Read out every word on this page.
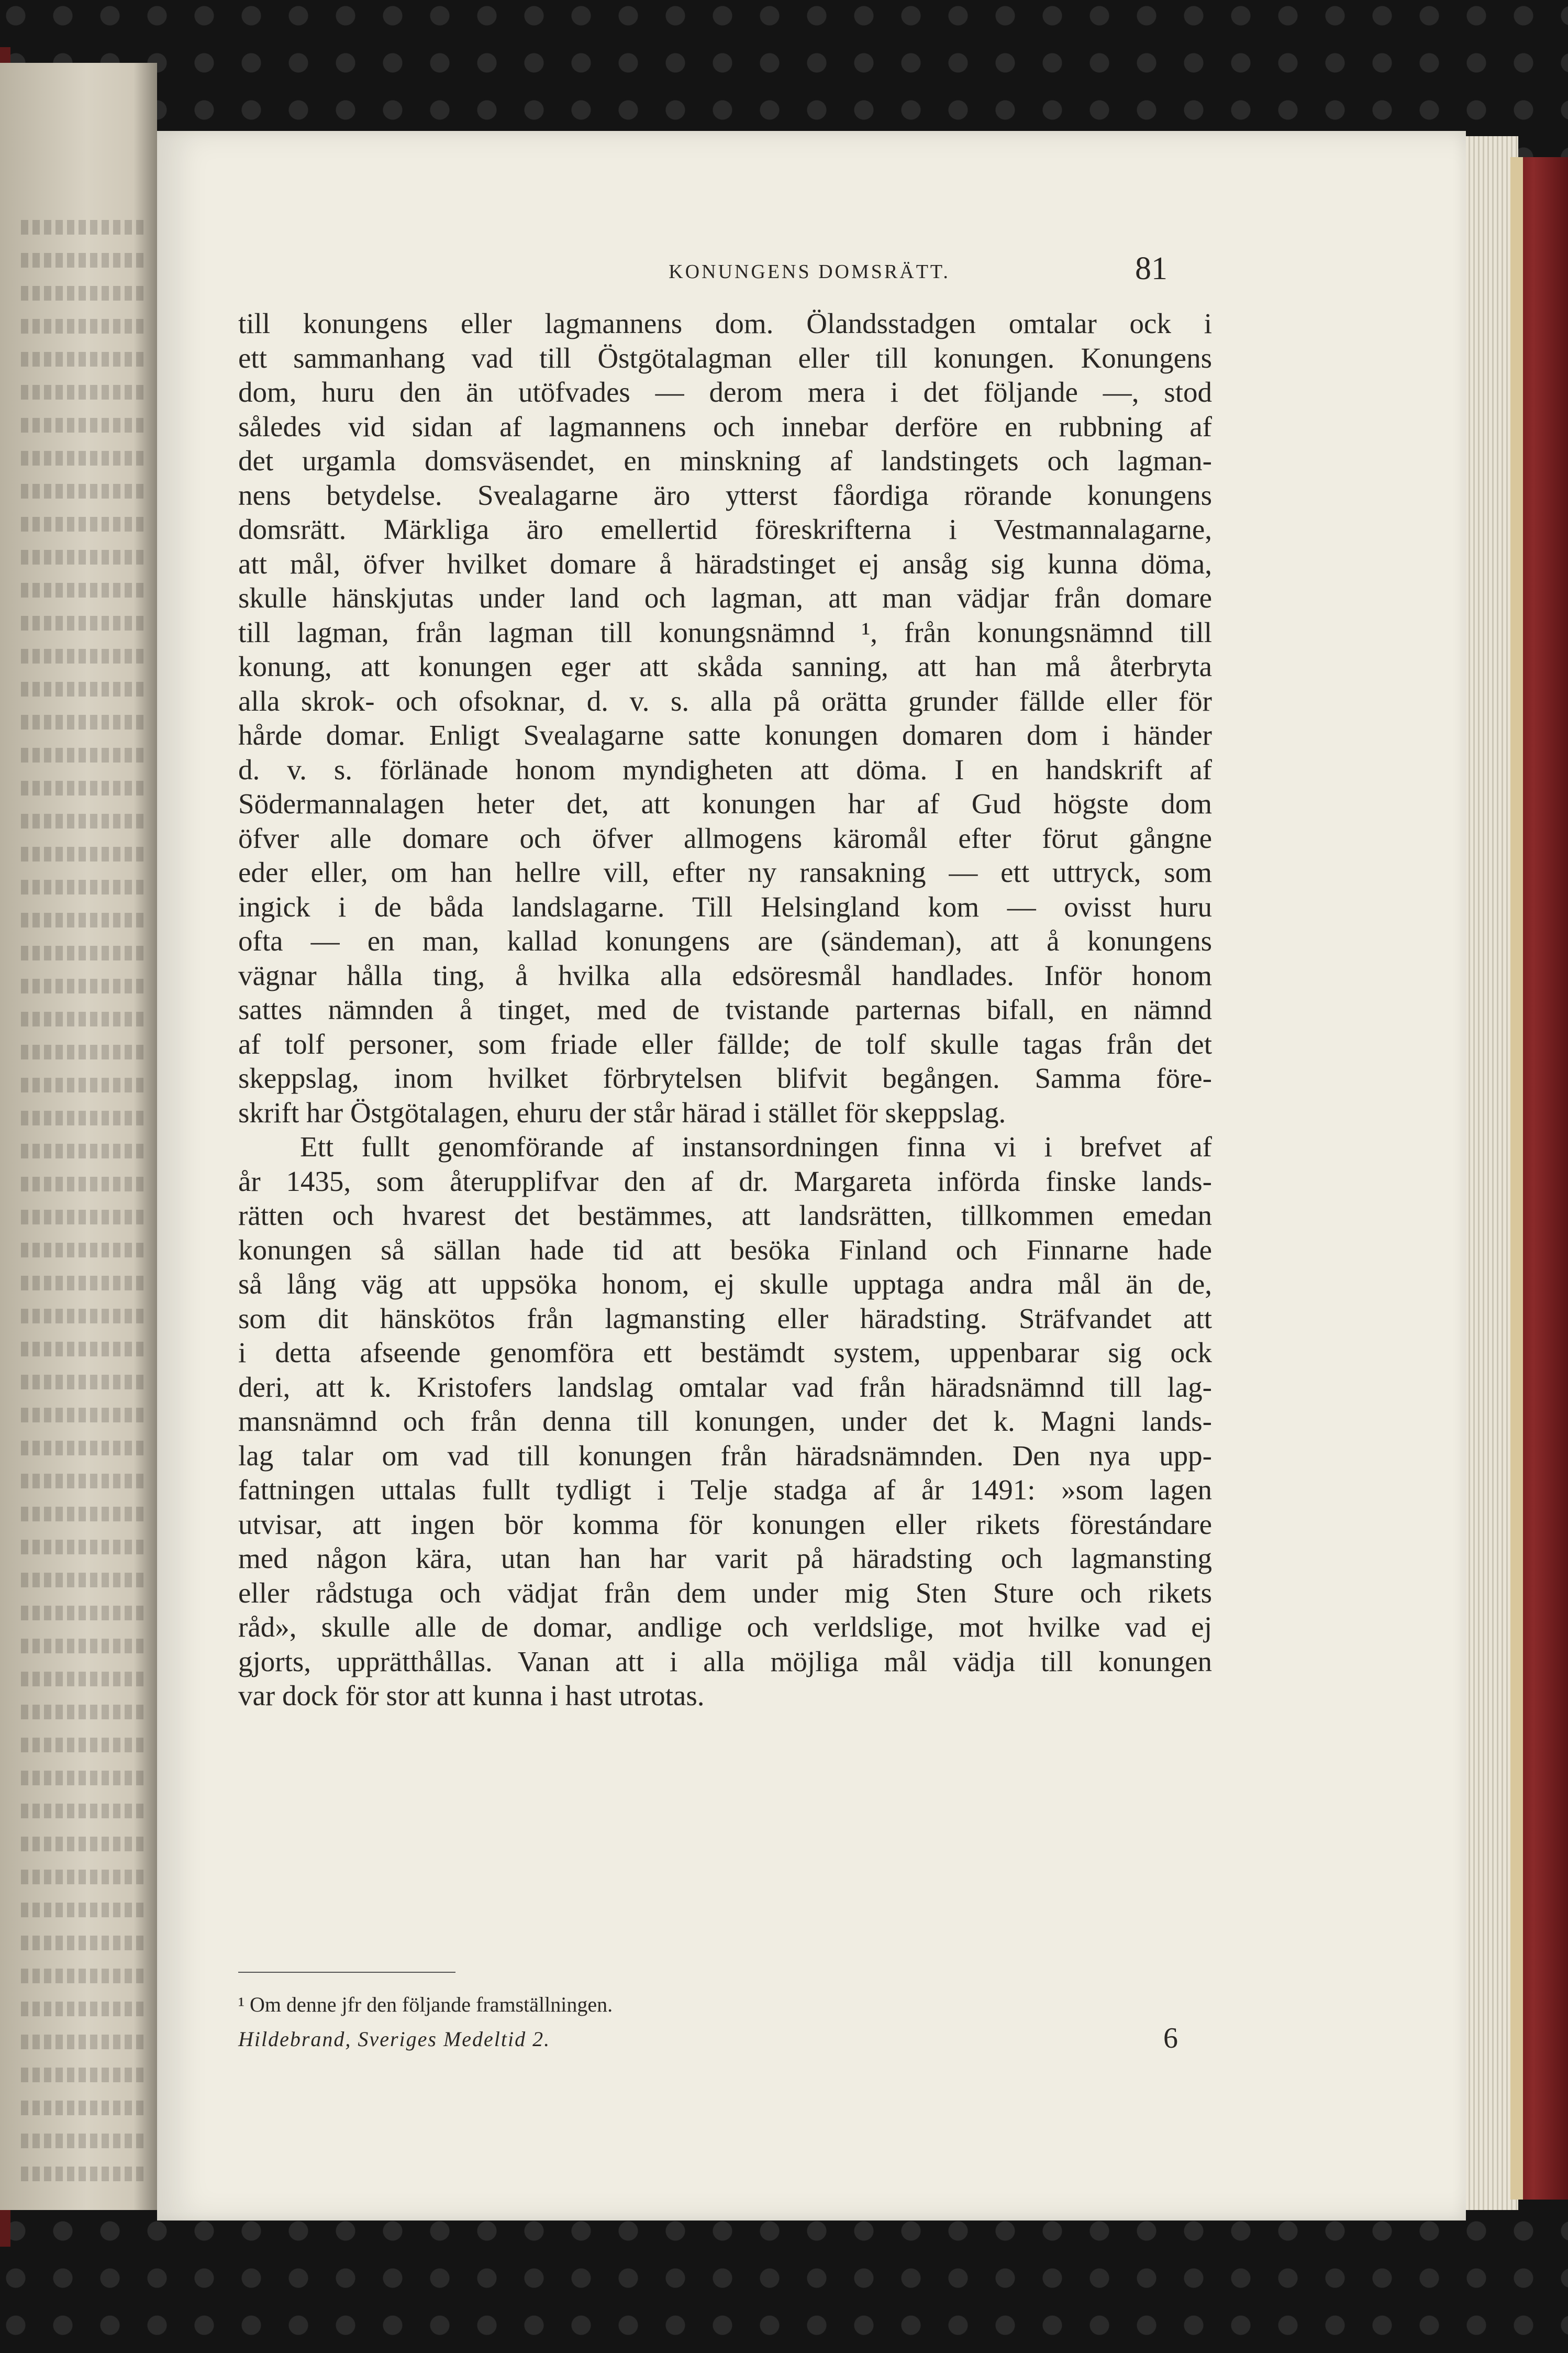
KONUNGENS DOMSRÄTT.	81
till konungens eller lagmannens dom. Ölandsstadgen omtalar ock i
ett sammanhang vad till Östgötalagman eller till konungen. Konungens
dom, huru den än utöfvades — derom mera i det följande —, stod
således vid sidan af lagmannens och innebar derföre en rubbning af
det urgamla domsväsendet, en minskning af landstingets och lagman-
nens betydelse. Svealagarne äro ytterst fåordiga rörande konungens
domsrätt. Märkliga äro emellertid föreskrifterna i Vestmannalagarne,
att mål, öfver hvilket domare å häradstinget ej ansåg sig kunna döma,
skulle hänskjutas under land och lagman, att man vädjar från domare
till lagman, från lagman till konungsnämnd ¹, från konungsnämnd till
konung, att konungen eger att skåda sanning, att han må återbryta
alla skrok- och ofsoknar, d. v. s. alla på orätta grunder fällde eller för
hårde domar. Enligt Svealagarne satte konungen domaren dom i händer
d. v. s. förlänade honom myndigheten att döma. I en handskrift af
Södermannalagen heter det, att konungen har af Gud högste dom
öfver alle domare och öfver allmogens käromål efter förut gångne
eder eller, om han hellre vill, efter ny ransakning — ett uttryck, som
ingick i de båda landslagarne. Till Helsingland kom — ovisst huru
ofta — en man, kallad konungens are (sändeman), att å konungens
vägnar hålla ting, å hvilka alla edsöresmål handlades. Inför honom
sattes nämnden å tinget, med de tvistande parternas bifall, en nämnd
af tolf personer, som friade eller fällde; de tolf skulle tagas från det
skeppslag, inom hvilket förbrytelsen blifvit begången. Samma före-
skrift har Östgötalagen, ehuru der står härad i stället för skeppslag.
Ett fullt genomförande af instansordningen finna vi i brefvet af
år 1435, som återupplifvar den af dr. Margareta införda finske lands-
rätten och hvarest det bestämmes, att landsrätten, tillkommen emedan
konungen så sällan hade tid att besöka Finland och Finnarne hade
så lång väg att uppsöka honom, ej skulle upptaga andra mål än de,
som dit hänskötos från lagmansting eller häradsting. Sträfvandet att
i detta afseende genomföra ett bestämdt system, uppenbarar sig ock
deri, att k. Kristofers landslag omtalar vad från häradsnämnd till lag-
mansnämnd och från denna till konungen, under det k. Magni lands-
lag talar om vad till konungen från häradsnämnden. Den nya upp-
fattningen uttalas fullt tydligt i Telje stadga af år 1491: »som lagen
utvisar, att ingen bör komma för konungen eller rikets förestándare
med någon kära, utan han har varit på häradsting och lagmansting
eller rådstuga och vädjat från dem under mig Sten Sture och rikets
råd», skulle alle de domar, andlige och verldslige, mot hvilke vad ej
gjorts, upprätthållas. Vanan att i alla möjliga mål vädja till konungen
var dock för stor att kunna i hast utrotas.
¹ Om denne jfr den följande framställningen.
Hildebrand, Sveriges Medeltid 2.	6
